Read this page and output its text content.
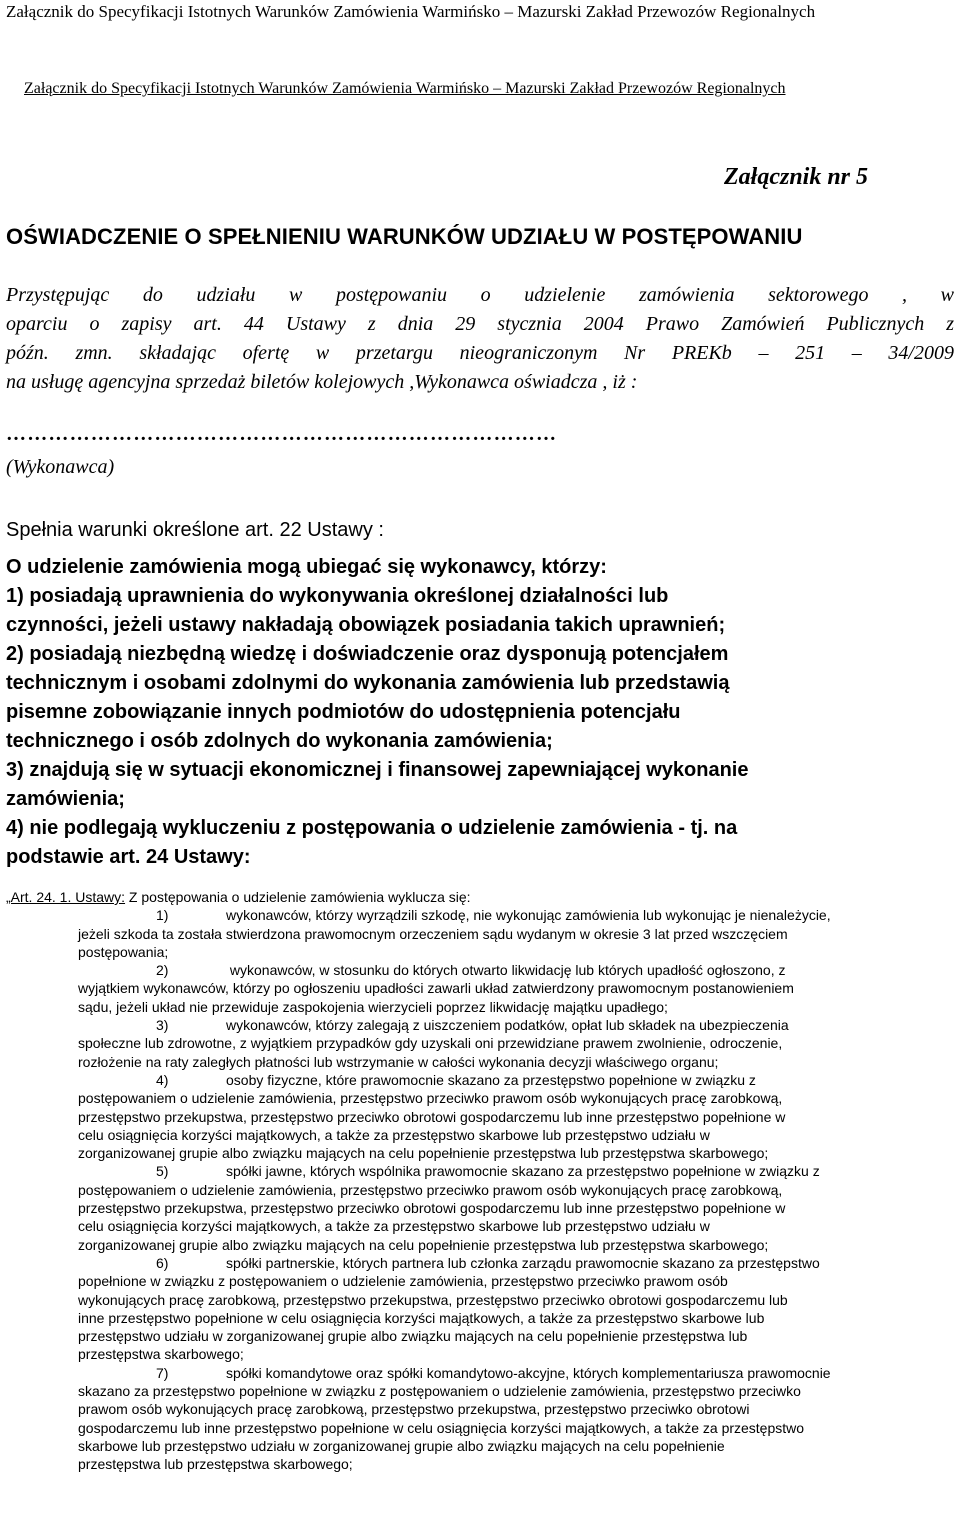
Załącznik do Specyfikacji Istotnych Warunków Zamówienia Warmińsko – Mazurski Zakład Przewozów Regionalnych
Załącznik do Specyfikacji Istotnych Warunków Zamówienia Warmińsko – Mazurski Zakład Przewozów Regionalnych
Załącznik nr 5
OŚWIADCZENIE O SPEŁNIENIU WARUNKÓW UDZIAŁU W POSTĘPOWANIU
Przystępując do udziału w postępowaniu o udzielenie zamówienia sektorowego , w
oparciu o zapisy art. 44 Ustawy z dnia 29 stycznia 2004 Prawo Zamówień Publicznych z
późn. zmn. składając ofertę w przetargu nieograniczonym Nr PREKb – 251 – 34/2009
na usługę agencyjna sprzedaż biletów kolejowych ,Wykonawca oświadcza , iż :
……………………………………………………………………
(Wykonawca)
Spełnia warunki określone art. 22 Ustawy :
O udzielenie zamówienia mogą ubiegać się wykonawcy, którzy:
1) posiadają uprawnienia do wykonywania określonej działalności lub
czynności, jeżeli ustawy nakładają obowiązek posiadania takich uprawnień;
2) posiadają niezbędną wiedzę i doświadczenie oraz dysponują potencjałem
technicznym i osobami zdolnymi do wykonania zamówienia lub przedstawią
pisemne zobowiązanie innych podmiotów do udostępnienia potencjału
technicznego i osób zdolnych do wykonania zamówienia;
3) znajdują się w sytuacji ekonomicznej i finansowej zapewniającej wykonanie
zamówienia;
4) nie podlegają wykluczeniu z postępowania o udzielenie zamówienia - tj. na
podstawie art. 24 Ustawy:
„Art. 24. 1. Ustawy: Z postępowania o udzielenie zamówienia wyklucza się:
1)	wykonawców, którzy wyrządzili szkodę, nie wykonując zamówienia lub wykonując je nienależycie,
jeżeli szkoda ta została stwierdzona prawomocnym orzeczeniem sądu wydanym w okresie 3 lat przed wszczęciem
postępowania;
2)	wykonawców, w stosunku do których otwarto likwidację lub których upadłość ogłoszono, z
wyjątkiem wykonawców, którzy po ogłoszeniu upadłości zawarli układ zatwierdzony prawomocnym postanowieniem
sądu, jeżeli układ nie przewiduje zaspokojenia wierzycieli poprzez likwidację majątku upadłego;
3)	wykonawców, którzy zalegają z uiszczeniem podatków, opłat lub składek na ubezpieczenia
społeczne lub zdrowotne, z wyjątkiem przypadków gdy uzyskali oni przewidziane prawem zwolnienie, odroczenie,
rozłożenie na raty zaległych płatności lub wstrzymanie w całości wykonania decyzji właściwego organu;
4)	osoby fizyczne, które prawomocnie skazano za przestępstwo popełnione w związku z
postępowaniem o udzielenie zamówienia, przestępstwo przeciwko prawom osób wykonujących pracę zarobkową,
przestępstwo przekupstwa, przestępstwo przeciwko obrotowi gospodarczemu lub inne przestępstwo popełnione w
celu osiągnięcia korzyści majątkowych, a także za przestępstwo skarbowe lub przestępstwo udziału w
zorganizowanej grupie albo związku mających na celu popełnienie przestępstwa lub przestępstwa skarbowego;
5)	spółki jawne, których wspólnika prawomocnie skazano za przestępstwo popełnione w związku z
postępowaniem o udzielenie zamówienia, przestępstwo przeciwko prawom osób wykonujących pracę zarobkową,
przestępstwo przekupstwa, przestępstwo przeciwko obrotowi gospodarczemu lub inne przestępstwo popełnione w
celu osiągnięcia korzyści majątkowych, a także za przestępstwo skarbowe lub przestępstwo udziału w
zorganizowanej grupie albo związku mających na celu popełnienie przestępstwa lub przestępstwa skarbowego;
6)	spółki partnerskie, których partnera lub członka zarządu prawomocnie skazano za przestępstwo
popełnione w związku z postępowaniem o udzielenie zamówienia, przestępstwo przeciwko prawom osób
wykonujących pracę zarobkową, przestępstwo przekupstwa, przestępstwo przeciwko obrotowi gospodarczemu lub
inne przestępstwo popełnione w celu osiągnięcia korzyści majątkowych, a także za przestępstwo skarbowe lub
przestępstwo udziału w zorganizowanej grupie albo związku mających na celu popełnienie przestępstwa lub
przestępstwa skarbowego;
7)	spółki komandytowe oraz spółki komandytowo-akcyjne, których komplementariusza prawomocnie
skazano za przestępstwo popełnione w związku z postępowaniem o udzielenie zamówienia, przestępstwo przeciwko
prawom osób wykonujących pracę zarobkową, przestępstwo przekupstwa, przestępstwo przeciwko obrotowi
gospodarczemu lub inne przestępstwo popełnione w celu osiągnięcia korzyści majątkowych, a także za przestępstwo
skarbowe lub przestępstwo udziału w zorganizowanej grupie albo związku mających na celu popełnienie
przestępstwa lub przestępstwa skarbowego;
